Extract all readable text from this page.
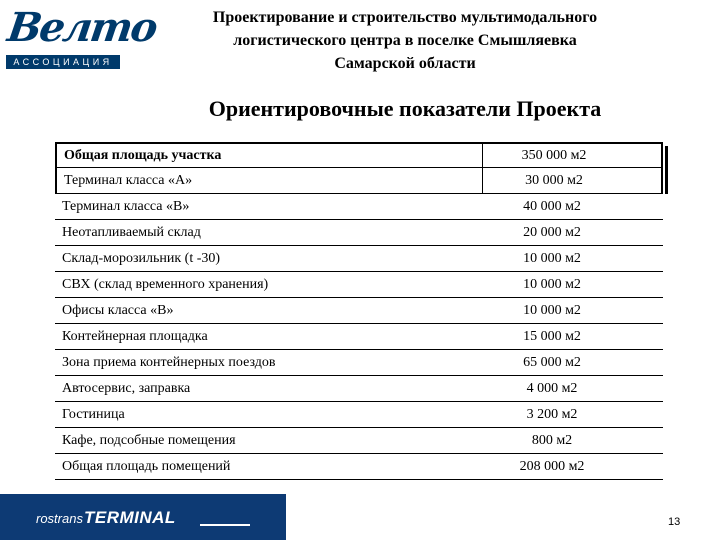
Велто
АССОЦИАЦИЯ
Проектирование и строительство мультимодального
логистического центра в поселке Смышляевка
Самарской области
Ориентировочные показатели Проекта
Общая площадь участка	350 000 м2
Терминал класса «А»	30 000 м2
Терминал класса «В»	40 000 м2
Неотапливаемый склад	20 000 м2
Склад-морозильник (t -30)	10 000 м2
СВХ (склад временного хранения)	10 000 м2
Офисы класса «В»	10 000 м2
Контейнерная площадка	15 000 м2
Зона приема контейнерных поездов	65 000 м2
Автосервис, заправка	4 000 м2
Гостиница	3 200 м2
Кафе, подсобные помещения	800 м2
Общая площадь помещений	208 000 м2
rostrans TERMINAL	13
